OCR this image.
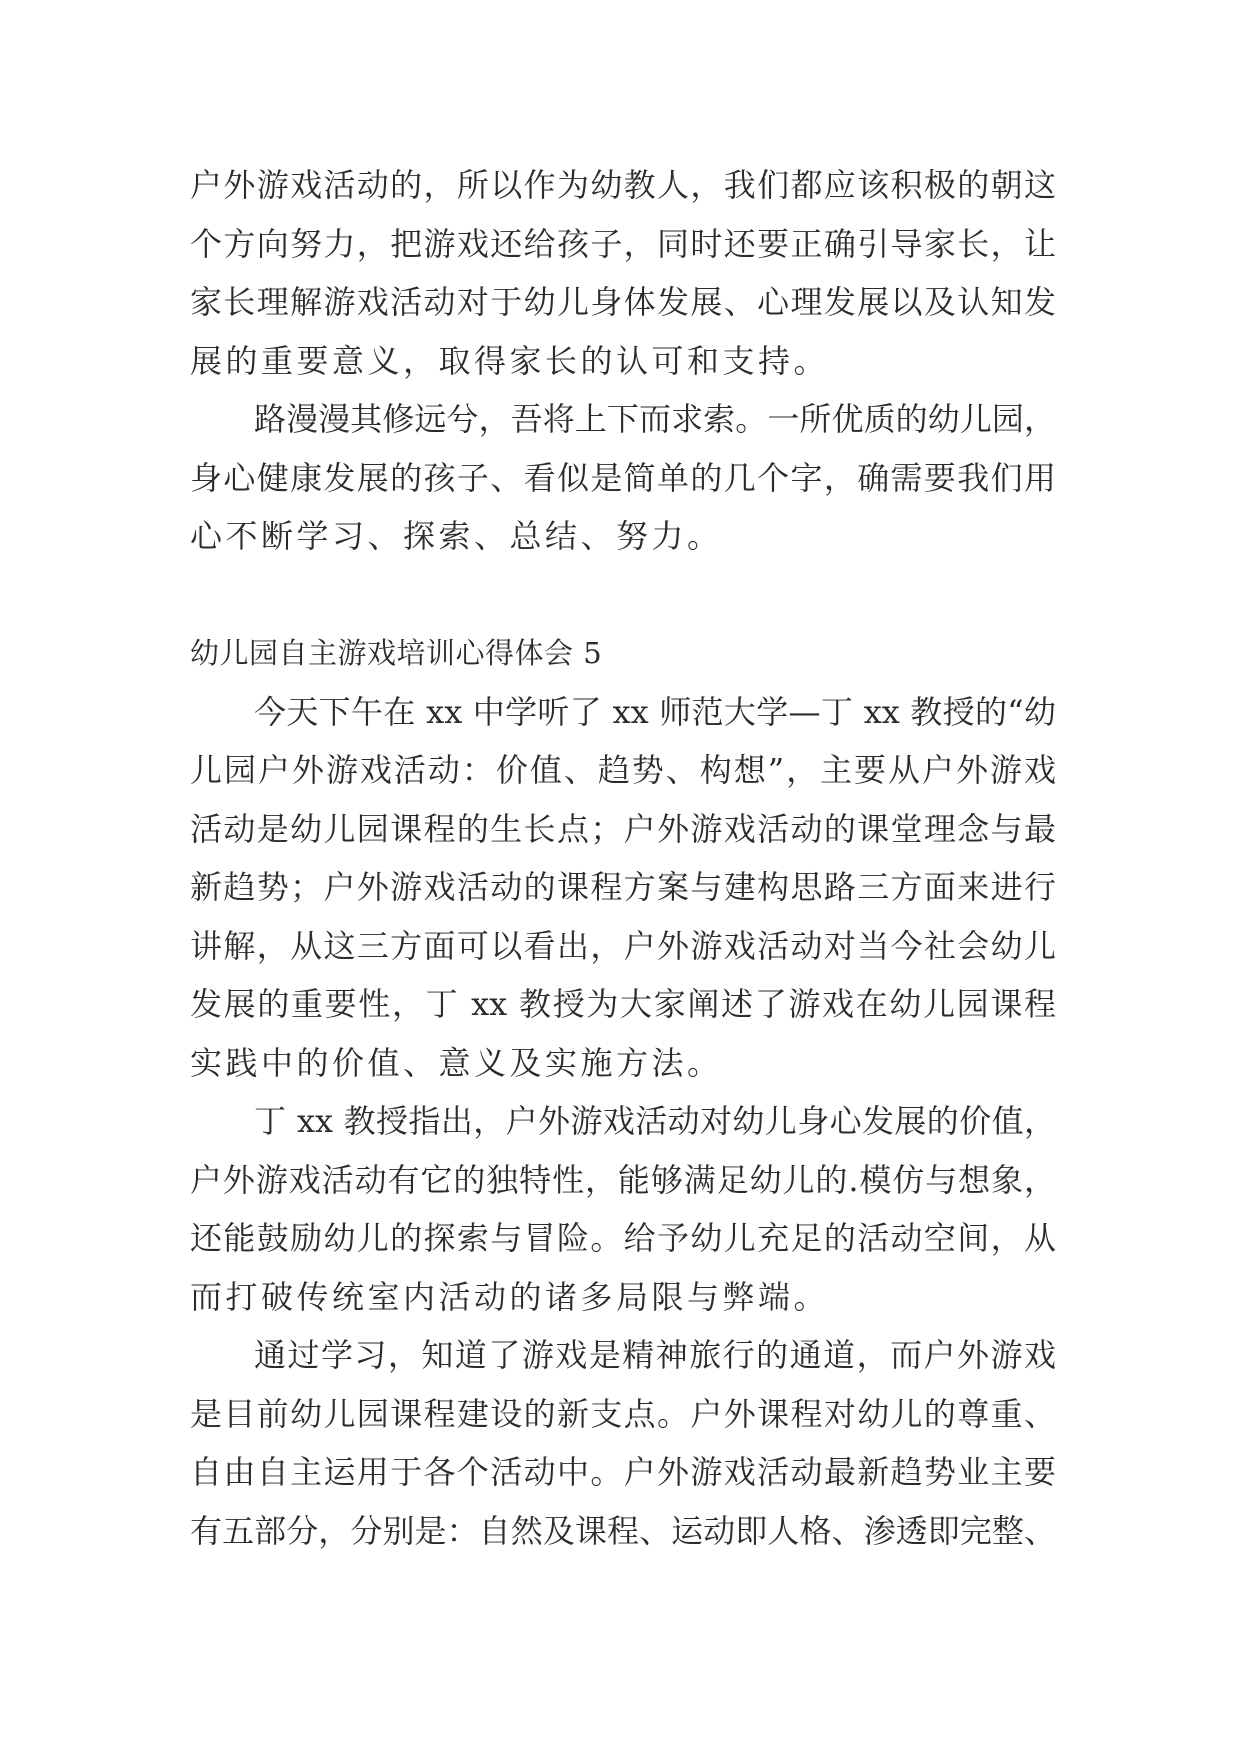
户外游戏活动的，所以作为幼教人，我们都应该积极的朝这
个方向努力，把游戏还给孩子，同时还要正确引导家长，让
家长理解游戏活动对于幼儿身体发展、心理发展以及认知发
展的重要意义，取得家长的认可和支持。
路漫漫其修远兮，吾将上下而求索。一所优质的幼儿园，
身心健康发展的孩子、看似是简单的几个字，确需要我们用
心不断学习、探索、总结、努力。
幼儿园自主游戏培训心得体会 5
今天下午在 xx 中学听了 xx 师范大学—丁 xx 教授的“幼
儿园户外游戏活动：价值、趋势、构想”，主要从户外游戏
活动是幼儿园课程的生长点；户外游戏活动的课堂理念与最
新趋势；户外游戏活动的课程方案与建构思路三方面来进行
讲解，从这三方面可以看出，户外游戏活动对当今社会幼儿
发展的重要性，丁 xx 教授为大家阐述了游戏在幼儿园课程
实践中的价值、意义及实施方法。
丁 xx 教授指出，户外游戏活动对幼儿身心发展的价值，
户外游戏活动有它的独特性，能够满足幼儿的.模仿与想象，
还能鼓励幼儿的探索与冒险。给予幼儿充足的活动空间，从
而打破传统室内活动的诸多局限与弊端。
通过学习，知道了游戏是精神旅行的通道，而户外游戏
是目前幼儿园课程建设的新支点。户外课程对幼儿的尊重、
自由自主运用于各个活动中。户外游戏活动最新趋势业主要
有五部分，分别是：自然及课程、运动即人格、渗透即完整、
